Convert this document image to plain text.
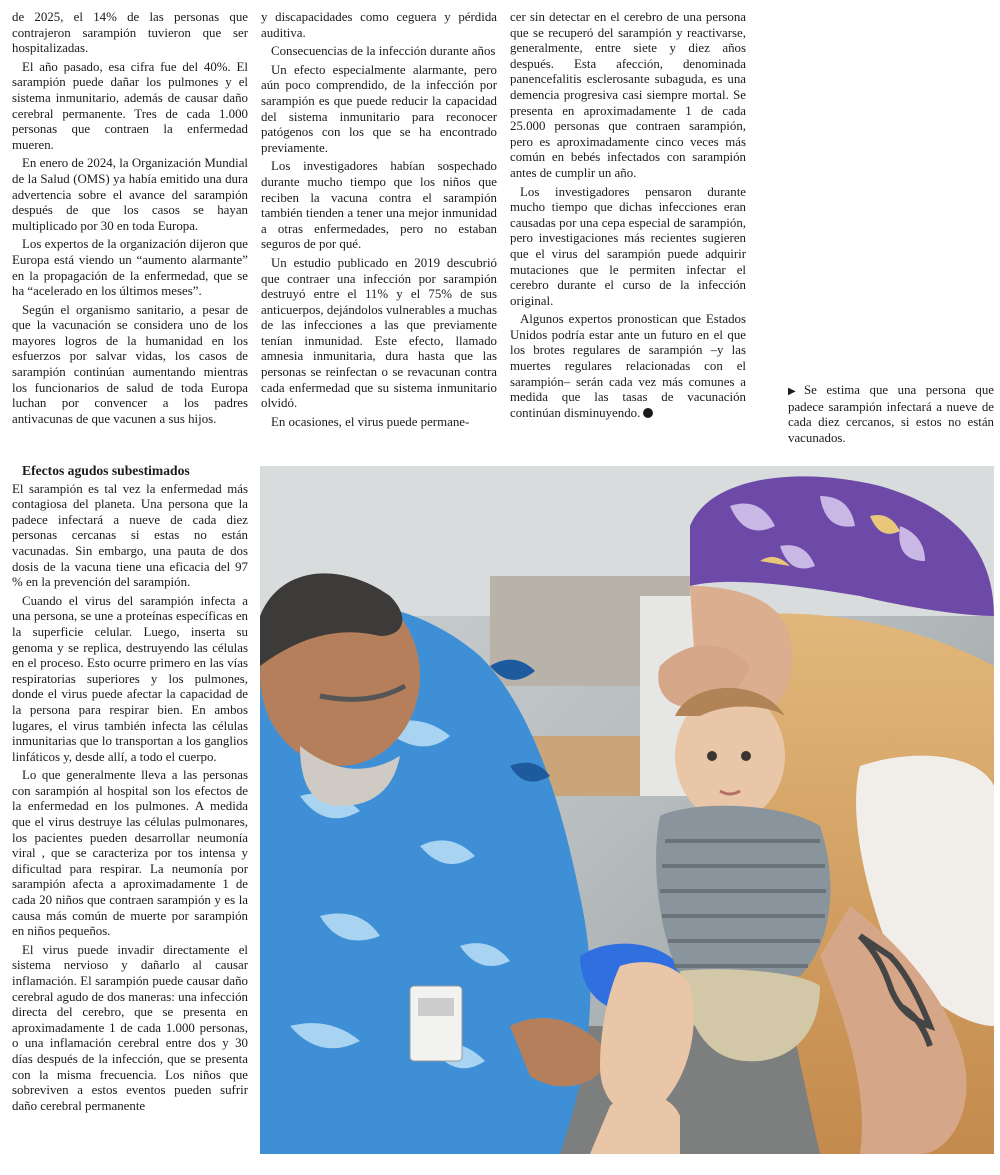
de 2025, el 14% de las personas que contrajeron sarampión tuvieron que ser hospitalizadas.

El año pasado, esa cifra fue del 40%. El sarampión puede dañar los pulmones y el sistema inmunitario, además de causar daño cerebral permanente. Tres de cada 1.000 personas que contraen la enfermedad mueren.

En enero de 2024, la Organización Mundial de la Salud (OMS) ya había emitido una dura advertencia sobre el avance del sarampión después de que los casos se hayan multiplicado por 30 en toda Europa.

Los expertos de la organización dijeron que Europa está viendo un “aumento alarmante” en la propagación de la enfermedad, que se ha “acelerado en los últimos meses”.

Según el organismo sanitario, a pesar de que la vacunación se considera uno de los mayores logros de la humanidad en los esfuerzos por salvar vidas, los casos de sarampión continúan aumentando mientras los funcionarios de salud de toda Europa luchan por convencer a los padres antivacunas de que vacunen a sus hijos.

Efectos agudos subestimados

El sarampión es tal vez la enfermedad más contagiosa del planeta. Una persona que la padece infectará a nueve de cada diez personas cercanas si estas no están vacunadas. Sin embargo, una pauta de dos dosis de la vacuna tiene una eficacia del 97 % en la prevención del sarampión.

Cuando el virus del sarampión infecta a una persona, se une a proteínas específicas en la superficie celular. Luego, inserta su genoma y se replica, destruyendo las células en el proceso. Esto ocurre primero en las vías respiratorias superiores y los pulmones, donde el virus puede afectar la capacidad de la persona para respirar bien. En ambos lugares, el virus también infecta las células inmunitarias que lo transportan a los ganglios linfáticos y, desde allí, a todo el cuerpo.

Lo que generalmente lleva a las personas con sarampión al hospital son los efectos de la enfermedad en los pulmones. A medida que el virus destruye las células pulmonares, los pacientes pueden desarrollar neumonía viral , que se caracteriza por tos intensa y dificultad para respirar. La neumonía por sarampión afecta a aproximadamente 1 de cada 20 niños que contraen sarampión y es la causa más común de muerte por sarampión en niños pequeños.

El virus puede invadir directamente el sistema nervioso y dañarlo al causar inflamación. El sarampión puede causar daño cerebral agudo de dos maneras: una infección directa del cerebro, que se presenta en aproximadamente 1 de cada 1.000 personas, o una inflamación cerebral entre dos y 30 días después de la infección, que se presenta con la misma frecuencia. Los niños que sobreviven a estos eventos pueden sufrir daño cerebral permanente

y discapacidades como ceguera y pérdida auditiva.

Consecuencias de la infección durante años

Un efecto especialmente alarmante, pero aún poco comprendido, de la infección por sarampión es que puede reducir la capacidad del sistema inmunitario para reconocer patógenos con los que se ha encontrado previamente.

Los investigadores habían sospechado durante mucho tiempo que los niños que reciben la vacuna contra el sarampión también tienden a tener una mejor inmunidad a otras enfermedades, pero no estaban seguros de por qué.

Un estudio publicado en 2019 descubrió que contraer una infección por sarampión destruyó entre el 11% y el 75% de sus anticuerpos, dejándolos vulnerables a muchas de las infecciones a las que previamente tenían inmunidad. Este efecto, llamado amnesia inmunitaria, dura hasta que las personas se reinfectan o se revacunan contra cada enfermedad que su sistema inmunitario olvidó.

En ocasiones, el virus puede permane-

cer sin detectar en el cerebro de una persona que se recuperó del sarampión y reactivarse, generalmente, entre siete y diez años después. Esta afección, denominada panencefalitis esclerosante subaguda, es una demencia progresiva casi siempre mortal. Se presenta en aproximadamente 1 de cada 25.000 personas que contraen sarampión, pero es aproximadamente cinco veces más común en bebés infectados con sarampión antes de cumplir un año.

Los investigadores pensaron durante mucho tiempo que dichas infecciones eran causadas por una cepa especial de sarampión, pero investigaciones más recientes sugieren que el virus del sarampión puede adquirir mutaciones que le permiten infectar el cerebro durante el curso de la infección original.

Algunos expertos pronostican que Estados Unidos podría estar ante un futuro en el que los brotes regulares de sarampión –y las muertes regulares relacionadas con el sarampión– serán cada vez más comunes a medida que las tasas de vacunación continúan disminuyendo.

▶ Se estima que una persona que padece sarampión infectará a nueve de cada diez cercanos, si estos no están vacunados.
